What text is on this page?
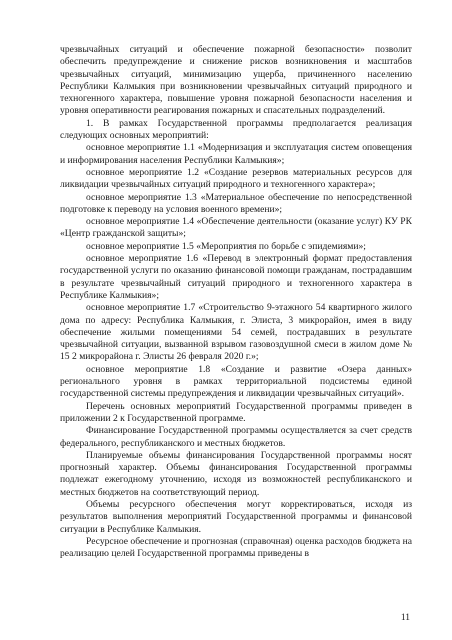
чрезвычайных ситуаций и обеспечение пожарной безопасности» позволит обеспечить предупреждение и снижение рисков возникновения и масштабов чрезвычайных ситуаций, минимизацию ущерба, причиненного населению Республики Калмыкия при возникновении чрезвычайных ситуаций природного и техногенного характера, повышение уровня пожарной безопасности населения и уровня оперативности реагирования пожарных и спасательных подразделений.

1. В рамках Государственной программы предполагается реализация следующих основных мероприятий:

основное мероприятие 1.1 «Модернизация и эксплуатация систем оповещения и информирования населения Республики Калмыкия»;

основное мероприятие 1.2 «Создание резервов материальных ресурсов для ликвидации чрезвычайных ситуаций природного и техногенного характера»;

основное мероприятие 1.3 «Материальное обеспечение по непосредственной подготовке к переводу на условия военного времени»;

основное мероприятие 1.4 «Обеспечение деятельности (оказание услуг) КУ РК «Центр гражданской защиты»;

основное мероприятие 1.5 «Мероприятия по борьбе с эпидемиями»;

основное мероприятие 1.6 «Перевод в электронный формат предоставления государственной услуги по оказанию финансовой помощи гражданам, пострадавшим в результате чрезвычайный ситуаций природного и техногенного характера в Республике Калмыкия»;

основное мероприятие 1.7 «Строительство 9-этажного 54 квартирного жилого дома по адресу: Республика Калмыкия, г. Элиста, 3 микрорайон, имея в виду обеспечение жилыми помещениями 54 семей, пострадавших в результате чрезвычайной ситуации, вызванной взрывом газовоздушной смеси в жилом доме № 15 2 микрорайона г. Элисты 26 февраля 2020 г.»;

основное мероприятие 1.8 «Создание и развитие «Озера данных» регионального уровня в рамках территориальной подсистемы единой государственной системы предупреждения и ликвидации чрезвычайных ситуаций».

Перечень основных мероприятий Государственной программы приведен в приложении 2 к Государственной программе.

Финансирование Государственной программы осуществляется за счет средств федерального, республиканского и местных бюджетов.

Планируемые объемы финансирования Государственной программы носят прогнозный характер. Объемы финансирования Государственной программы подлежат ежегодному уточнению, исходя из возможностей республиканского и местных бюджетов на соответствующий период.

Объемы ресурсного обеспечения могут корректироваться, исходя из результатов выполнения мероприятий Государственной программы и финансовой ситуации в Республике Калмыкия.

Ресурсное обеспечение и прогнозная (справочная) оценка расходов бюджета на реализацию целей Государственной программы приведены в

11
